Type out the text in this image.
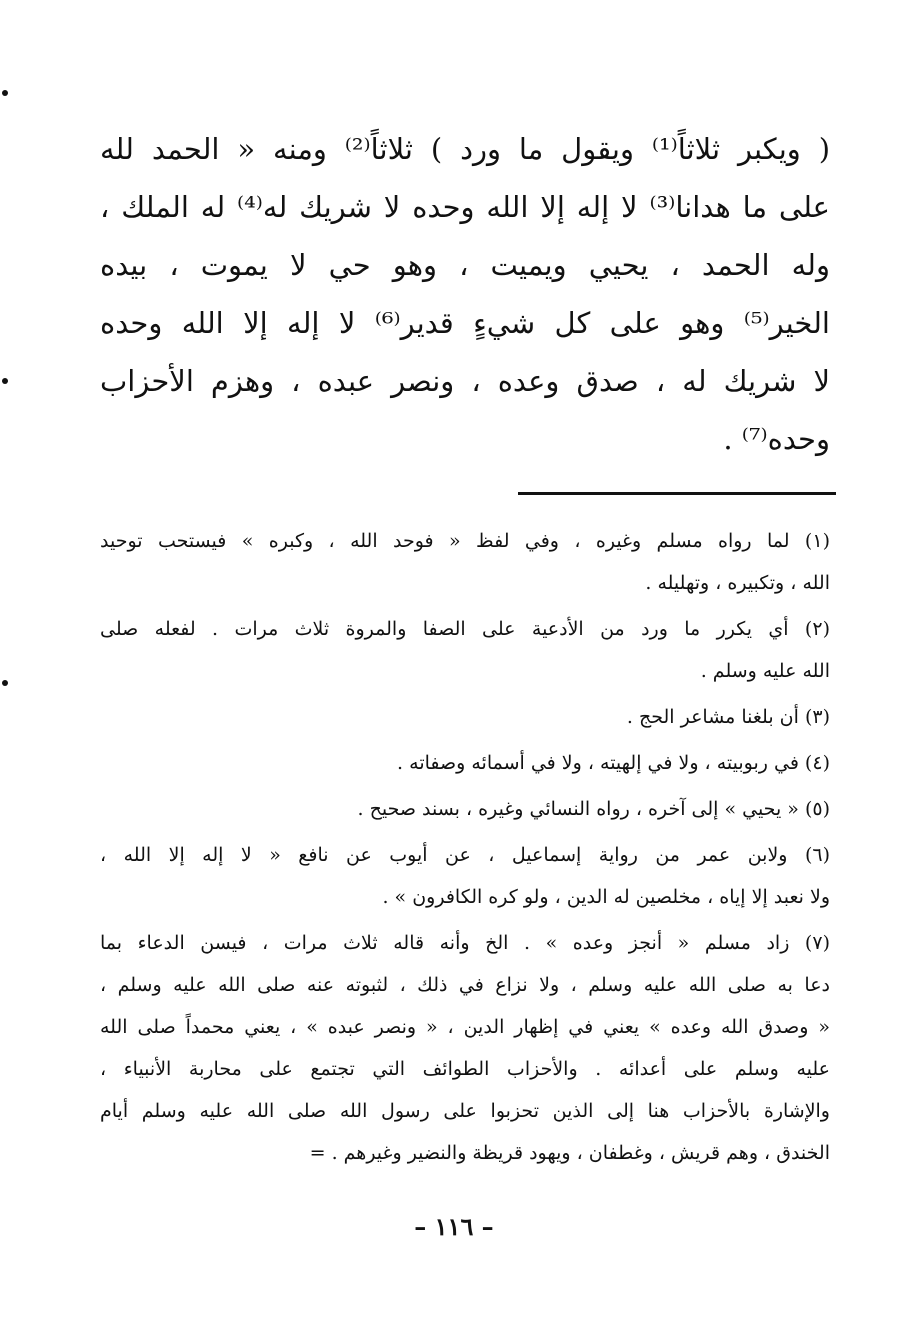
( ويكبر ثلاثاً⁽¹⁾ ويقول ما ورد ) ثلاثاً⁽²⁾ ومنه « الحمد لله
على ما هدانا⁽³⁾ لا إله إلا الله وحده لا شريك له⁽⁴⁾ له الملك ،
وله الحمد ، يحيي ويميت ، وهو حي لا يموت ، بيده
الخير⁽⁵⁾ وهو على كل شيءٍ قدير⁽⁶⁾ لا إله إلا الله وحده
لا شريك له ، صدق وعده ، ونصر عبده ، وهزم الأحزاب
وحده⁽⁷⁾ .
(١) لما رواه مسلم وغيره ، وفي لفظ « فوحد الله ، وكبره » فيستحب توحيد
الله ، وتكبيره ، وتهليله .
(٢) أي يكرر ما ورد من الأدعية على الصفا والمروة ثلاث مرات . لفعله صلى
الله عليه وسلم .
(٣) أن بلغنا مشاعر الحج .
(٤) في ربوبيته ، ولا في إلهيته ، ولا في أسمائه وصفاته .
(٥) « يحيي » إلى آخره ، رواه النسائي وغيره ، بسند صحيح .
(٦) ولابن عمر من رواية إسماعيل ، عن أيوب عن نافع « لا إله إلا الله ،
ولا نعبد إلا إياه ، مخلصين له الدين ، ولو كره الكافرون » .
(٧) زاد مسلم « أنجز وعده » . الخ وأنه قاله ثلاث مرات ، فيسن الدعاء بما
دعا به صلى الله عليه وسلم ، ولا نزاع في ذلك ، لثبوته عنه صلى الله عليه وسلم ،
« وصدق الله وعده » يعني في إظهار الدين ، « ونصر عبده » ، يعني محمداً صلى الله
عليه وسلم على أعدائه . والأحزاب الطوائف التي تجتمع على محاربة الأنبياء ،
والإشارة بالأحزاب هنا إلى الذين تحزبوا على رسول الله صلى الله عليه وسلم أيام
الخندق ، وهم قريش ، وغطفان ، ويهود قريظة والنضير وغيرهم . =
– ١١٦ –
